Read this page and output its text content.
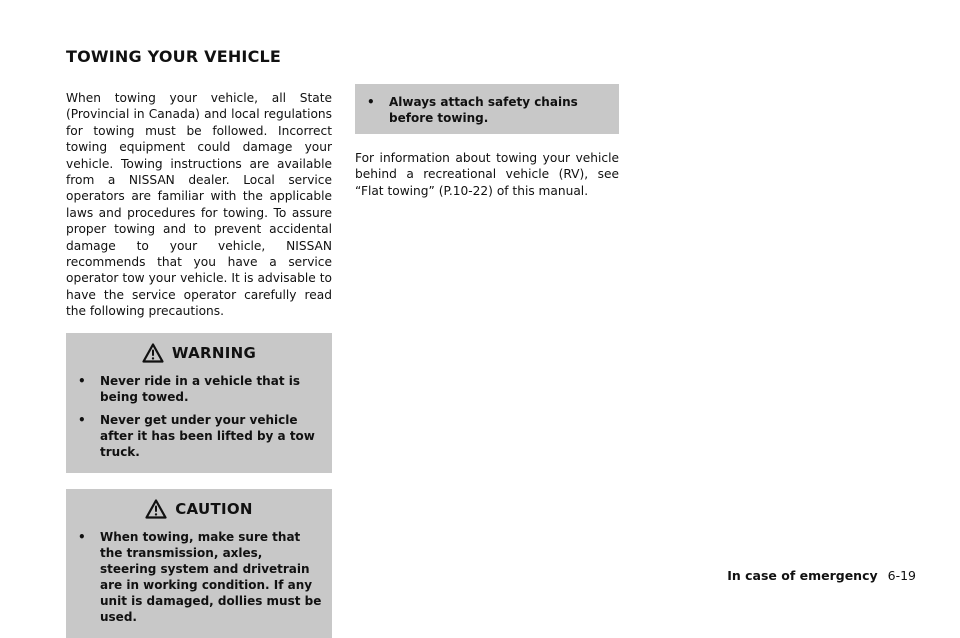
TOWING YOUR VEHICLE

When towing your vehicle, all State (Provincial in Canada) and local regulations for towing must be followed. Incorrect towing equipment could damage your vehicle. Towing instructions are available from a NISSAN dealer. Local service operators are familiar with the applicable laws and procedures for towing. To assure proper towing and to prevent accidental damage to your vehicle, NISSAN recommends that you have a service operator tow your vehicle. It is advisable to have the service operator carefully read the following precautions.

WARNING
•	Never ride in a vehicle that is being towed.
•	Never get under your vehicle after it has been lifted by a tow truck.
CAUTION
•	When towing, make sure that the transmission, axles, steering system and drivetrain are in working condition. If any unit is damaged, dollies must be used.
•	Always attach safety chains before towing.

For information about towing your vehicle behind a recreational vehicle (RV), see “Flat towing” (P.10-22) of this manual.

In case of emergency 6-19
